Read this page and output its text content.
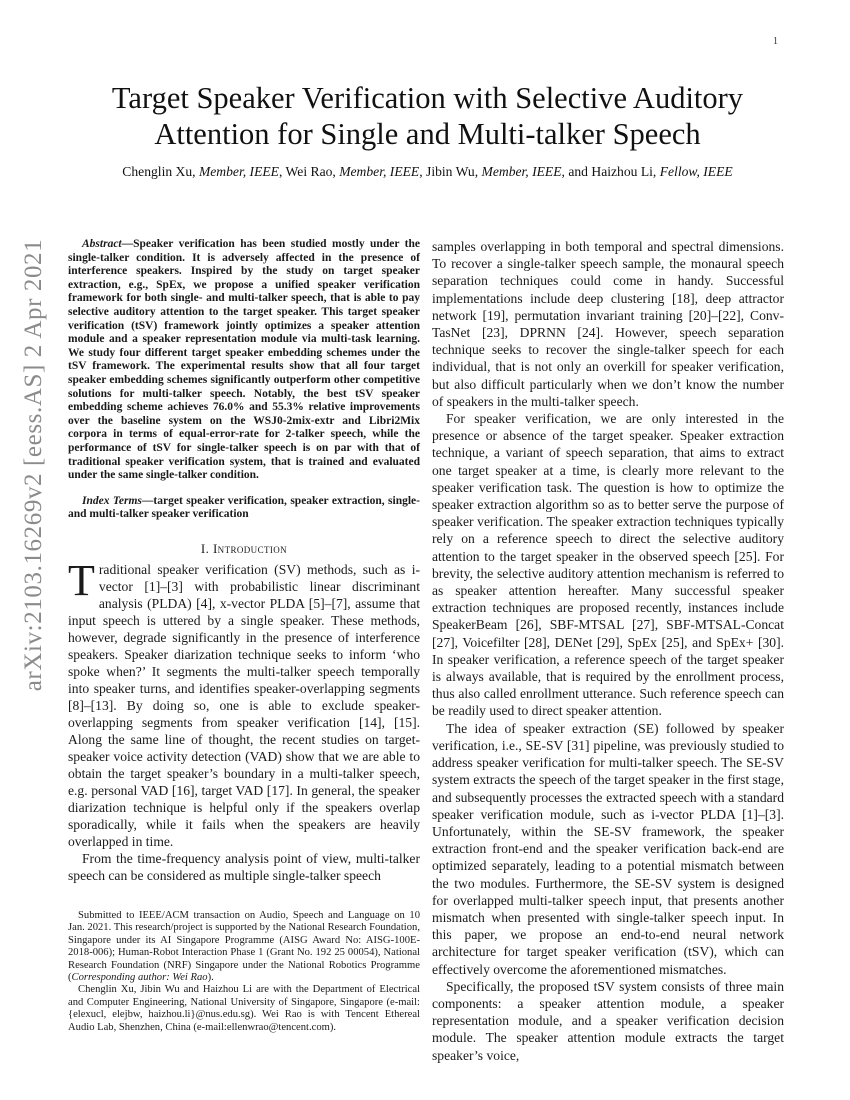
1
arXiv:2103.16269v2 [eess.AS] 2 Apr 2021
Target Speaker Verification with Selective Auditory Attention for Single and Multi-talker Speech
Chenglin Xu, Member, IEEE, Wei Rao, Member, IEEE, Jibin Wu, Member, IEEE, and Haizhou Li, Fellow, IEEE

Abstract—Speaker verification has been studied mostly under the single-talker condition. It is adversely affected in the presence of interference speakers. Inspired by the study on target speaker extraction, e.g., SpEx, we propose a unified speaker verification framework for both single- and multi-talker speech, that is able to pay selective auditory attention to the target speaker. This target speaker verification (tSV) framework jointly optimizes a speaker attention module and a speaker representation module via multi-task learning. We study four different target speaker embedding schemes under the tSV framework. The experimental results show that all four target speaker embedding schemes significantly outperform other competitive solutions for multi-talker speech. Notably, the best tSV speaker embedding scheme achieves 76.0% and 55.3% relative improvements over the baseline system on the WSJ0-2mix-extr and Libri2Mix corpora in terms of equal-error-rate for 2-talker speech, while the performance of tSV for single-talker speech is on par with that of traditional speaker verification system, that is trained and evaluated under the same single-talker condition.

Index Terms—target speaker verification, speaker extraction, single- and multi-talker speaker verification

I. Introduction

Traditional speaker verification (SV) methods, such as i-vector [1]–[3] with probabilistic linear discriminant analysis (PLDA) [4], x-vector PLDA [5]–[7], assume that input speech is uttered by a single speaker. These methods, however, degrade significantly in the presence of interference speakers. Speaker diarization technique seeks to inform ‘who spoke when?’ It segments the multi-talker speech temporally into speaker turns, and identifies speaker-overlapping segments [8]–[13]. By doing so, one is able to exclude speaker-overlapping segments from speaker verification [14], [15]. Along the same line of thought, the recent studies on target-speaker voice activity detection (VAD) show that we are able to obtain the target speaker’s boundary in a multi-talker speech, e.g. personal VAD [16], target VAD [17]. In general, the speaker diarization technique is helpful only if the speakers overlap sporadically, while it fails when the speakers are heavily overlapped in time.

From the time-frequency analysis point of view, multi-talker speech can be considered as multiple single-talker speech

Submitted to IEEE/ACM transaction on Audio, Speech and Language on 10 Jan. 2021. This research/project is supported by the National Research Foundation, Singapore under its AI Singapore Programme (AISG Award No: AISG-100E-2018-006); Human-Robot Interaction Phase 1 (Grant No. 192 25 00054), National Research Foundation (NRF) Singapore under the National Robotics Programme (Corresponding author: Wei Rao).

Chenglin Xu, Jibin Wu and Haizhou Li are with the Department of Electrical and Computer Engineering, National University of Singapore, Singapore (e-mail:{elexucl, elejbw, haizhou.li}@nus.edu.sg). Wei Rao is with Tencent Ethereal Audio Lab, Shenzhen, China (e-mail:ellenwrao@tencent.com).

samples overlapping in both temporal and spectral dimensions. To recover a single-talker speech sample, the monaural speech separation techniques could come in handy. Successful implementations include deep clustering [18], deep attractor network [19], permutation invariant training [20]–[22], Conv-TasNet [23], DPRNN [24]. However, speech separation technique seeks to recover the single-talker speech for each individual, that is not only an overkill for speaker verification, but also difficult particularly when we don’t know the number of speakers in the multi-talker speech.

For speaker verification, we are only interested in the presence or absence of the target speaker. Speaker extraction technique, a variant of speech separation, that aims to extract one target speaker at a time, is clearly more relevant to the speaker verification task. The question is how to optimize the speaker extraction algorithm so as to better serve the purpose of speaker verification. The speaker extraction techniques typically rely on a reference speech to direct the selective auditory attention to the target speaker in the observed speech [25]. For brevity, the selective auditory attention mechanism is referred to as speaker attention hereafter. Many successful speaker extraction techniques are proposed recently, instances include SpeakerBeam [26], SBF-MTSAL [27], SBF-MTSAL-Concat [27], Voicefilter [28], DENet [29], SpEx [25], and SpEx+ [30]. In speaker verification, a reference speech of the target speaker is always available, that is required by the enrollment process, thus also called enrollment utterance. Such reference speech can be readily used to direct speaker attention.

The idea of speaker extraction (SE) followed by speaker verification, i.e., SE-SV [31] pipeline, was previously studied to address speaker verification for multi-talker speech. The SE-SV system extracts the speech of the target speaker in the first stage, and subsequently processes the extracted speech with a standard speaker verification module, such as i-vector PLDA [1]–[3]. Unfortunately, within the SE-SV framework, the speaker extraction front-end and the speaker verification back-end are optimized separately, leading to a potential mismatch between the two modules. Furthermore, the SE-SV system is designed for overlapped multi-talker speech input, that presents another mismatch when presented with single-talker speech input. In this paper, we propose an end-to-end neural network architecture for target speaker verification (tSV), which can effectively overcome the aforementioned mismatches.

Specifically, the proposed tSV system consists of three main components: a speaker attention module, a speaker representation module, and a speaker verification decision module. The speaker attention module extracts the target speaker’s voice,
